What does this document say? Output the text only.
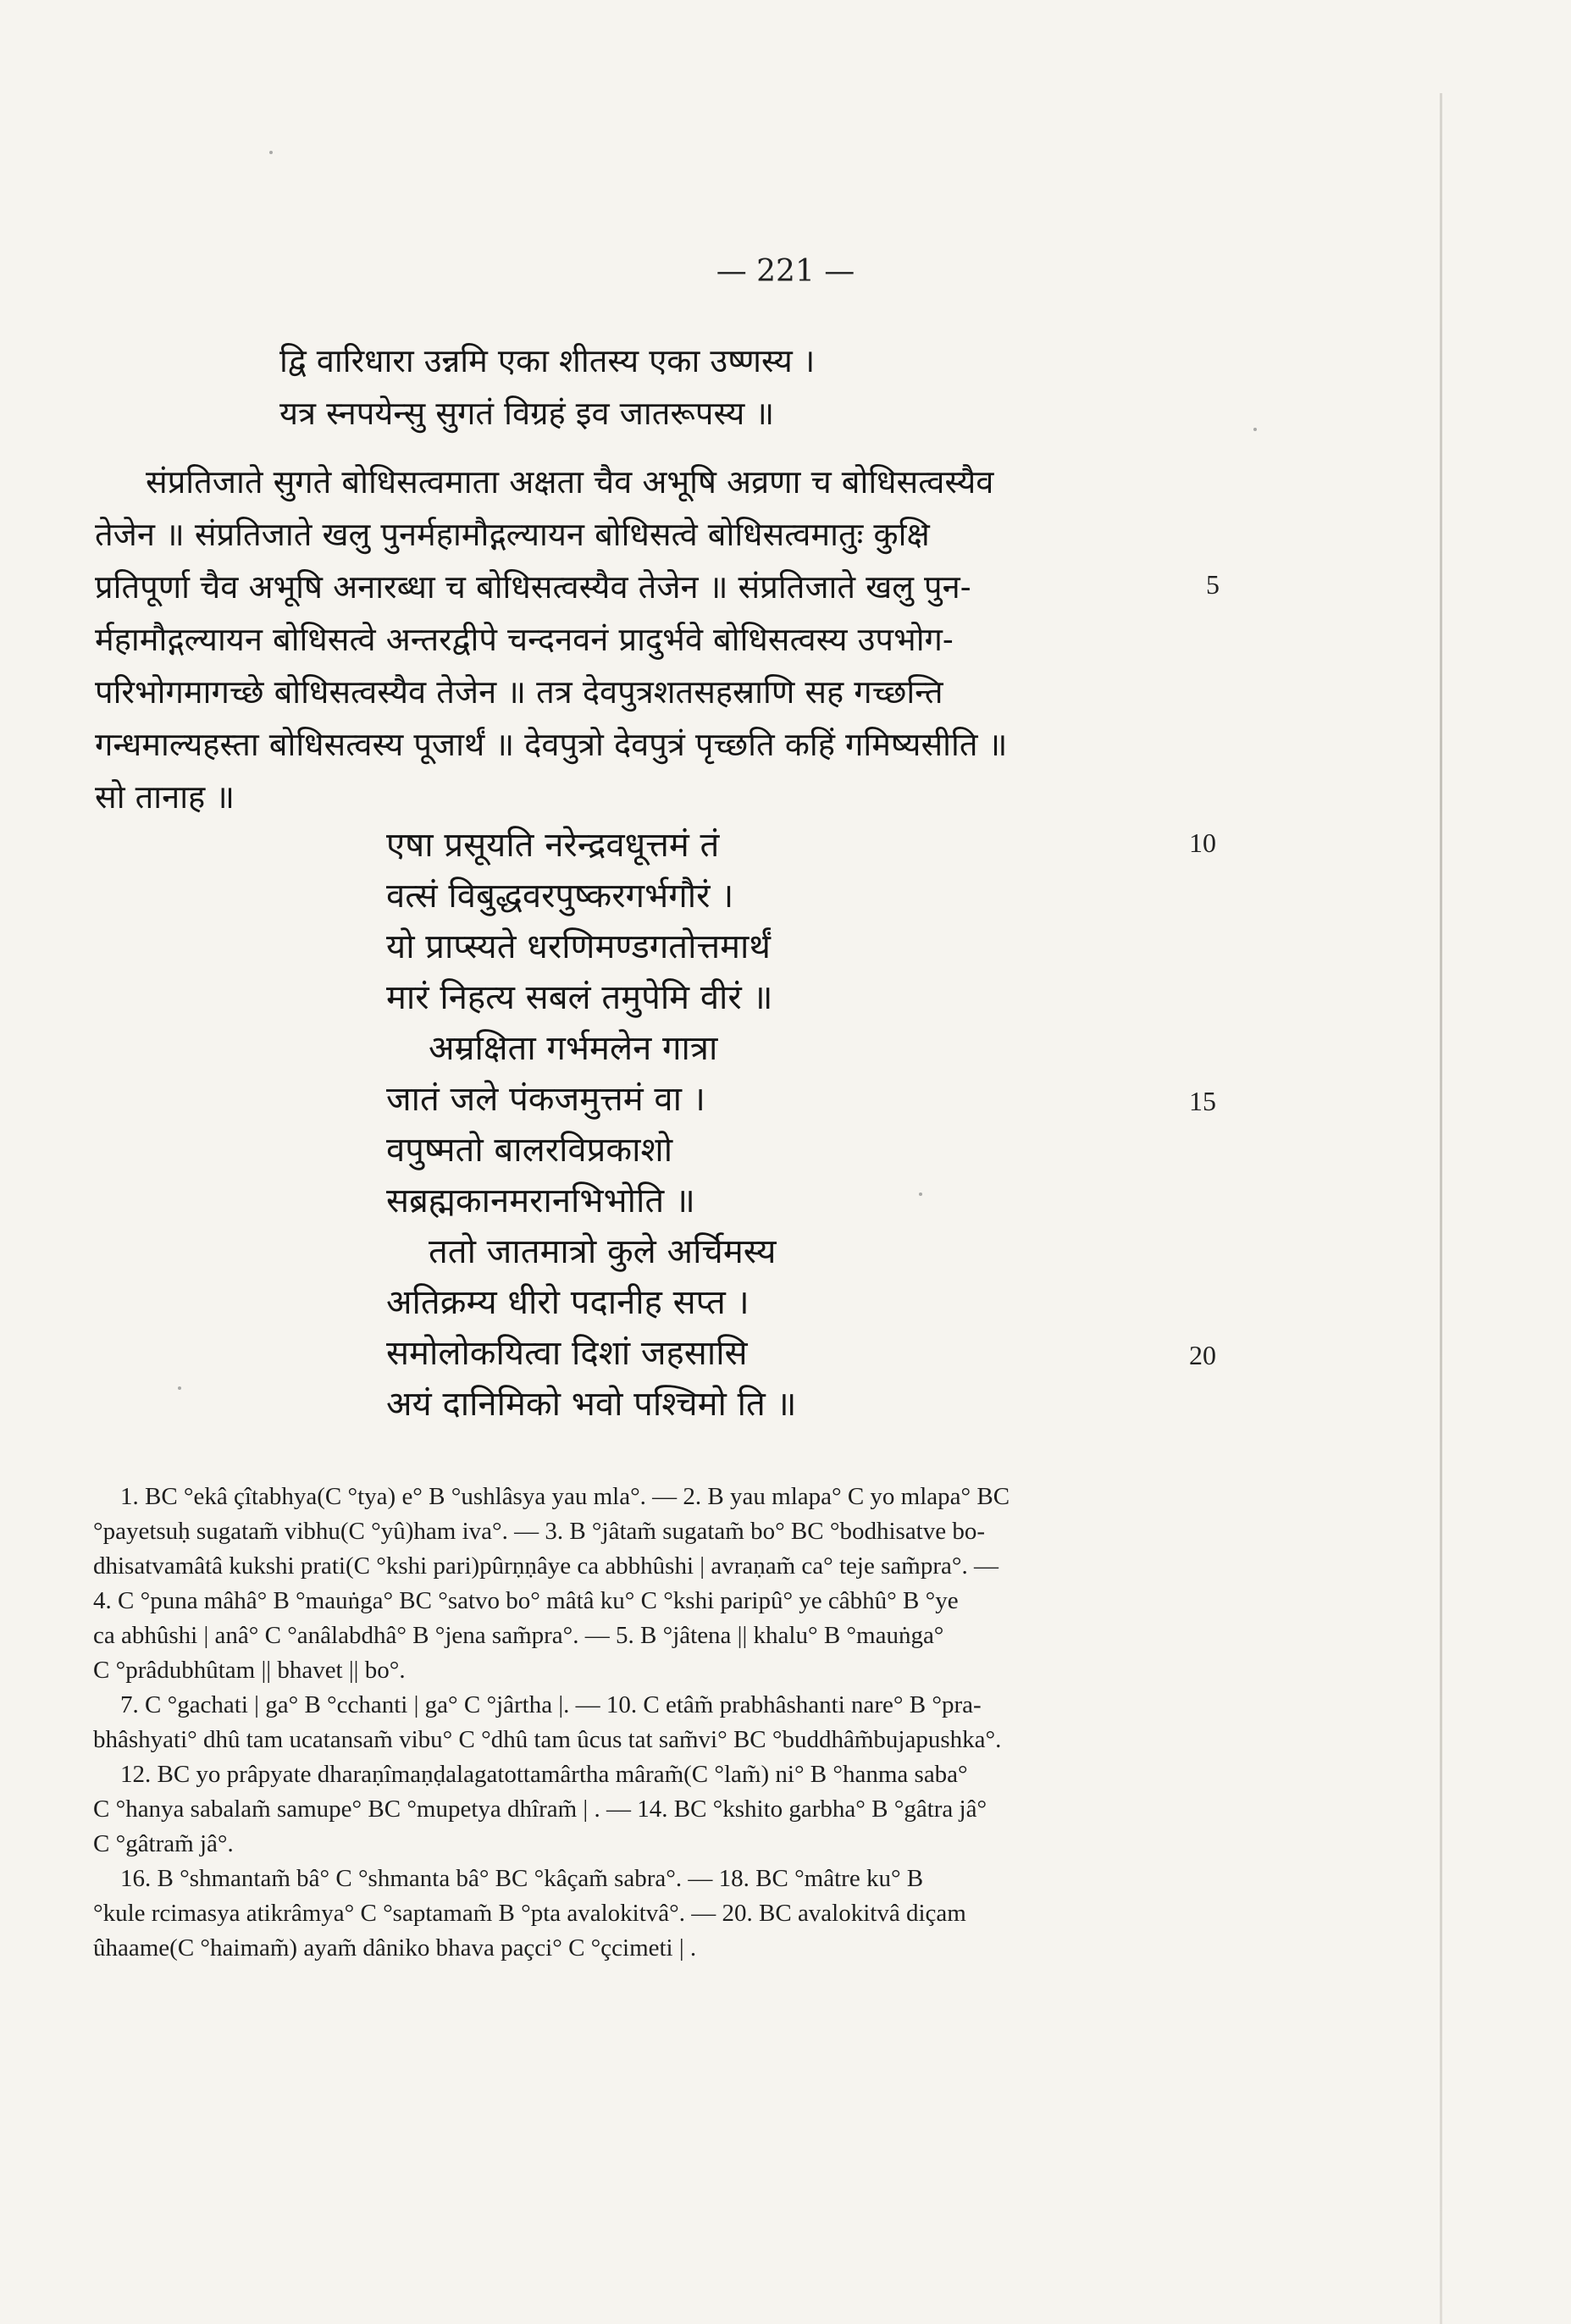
— 221 —
द्वि वारिधारा उन्नमि एका शीतस्य एका उष्णस्य ।
यत्र स्नपयेन्सु सुगतं विग्रहं इव जातरूपस्य ॥
संप्रतिजाते सुगते बोधिसत्वमाता अक्षता चैव अभूषि अव्रणा च बोधिसत्वस्यैव
तेजेन ॥ संप्रतिजाते खलु पुनर्महामौद्गल्यायन बोधिसत्वे बोधिसत्वमातुः कुक्षि
प्रतिपूर्णा चैव अभूषि अनारब्धा च बोधिसत्वस्यैव तेजेन ॥ संप्रतिजाते खलु पुन-
र्महामौद्गल्यायन बोधिसत्वे अन्तरद्वीपे चन्दनवनं प्रादुर्भवे बोधिसत्वस्य उपभोग-
परिभोगमागच्छे बोधिसत्वस्यैव तेजेन ॥ तत्र देवपुत्रशतसहस्राणि सह गच्छन्ति
गन्धमाल्यहस्ता बोधिसत्वस्य पूजार्थं ॥ देवपुत्रो देवपुत्रं पृच्छति कहिं गमिष्यसीति ॥
सो तानाह ॥
एषा प्रसूयति नरेन्द्रवधूत्तमं तं
वत्सं विबुद्धवरपुष्करगर्भगौरं ।
यो प्राप्स्यते धरणिमण्डगतोत्तमार्थं
मारं निहत्य सबलं तमुपेमि वीरं ॥
अम्रक्षिता गर्भमलेन गात्रा
जातं जले पंकजमुत्तमं वा ।
वपुष्मतो बालरविप्रकाशो
सब्रह्मकानमरानभिभोति ॥
ततो जातमात्रो कुले अर्चिमस्य
अतिक्रम्य धीरो पदानीह सप्त ।
समोलोकयित्वा दिशां जहसासि
अयं दानिमिको भवो पश्चिमो ति ॥
5
10
15
20
1. BC °ekâ çîtabhya(C °tya) e° B °ushlâsya yau mla°. — 2. B yau mlapa° C yo mlapa° BC
°payetsuḥ sugatam̃ vibhu(C °yû)ham iva°. — 3. B °jâtam̃ sugatam̃ bo° BC °bodhisatve bo-
dhisatvamâtâ kukshi prati(C °kshi pari)pûrṇṇâye ca abbhûshi | avraṇam̃ ca° teje sam̃pra°. —
4. C °puna mâhâ° B °mauṅga° BC °satvo bo° mâtâ ku° C °kshi paripû° ye câbhû° B °ye
ca abhûshi | anâ° C °anâlabdhâ° B °jena sam̃pra°. — 5. B °jâtena || khalu° B °mauṅga°
C °prâdubhûtam || bhavet || bo°.
7. C °gachati | ga° B °cchanti | ga° C °jârtha |. — 10. C etâm̃ prabhâshanti nare° B °pra-
bhâshyati° dhû tam ucatansam̃ vibu° C °dhû tam ûcus tat sam̃vi° BC °buddhâm̃bujapushka°.
12. BC yo prâpyate dharaṇîmaṇḍalagatottamârtha mâram̃(C °lam̃) ni° B °hanma saba°
C °hanya sabalam̃ samupe° BC °mupetya dhîram̃ | . — 14. BC °kshito garbha° B °gâtra jâ°
C °gâtram̃ jâ°.
16. B °shmantam̃ bâ° C °shmanta bâ° BC °kâçam̃ sabra°. — 18. BC °mâtre ku° B
°kule rcimasya atikrâmya° C °saptamam̃ B °pta avalokitvâ°. — 20. BC avalokitvâ diçam
ûhaame(C °haimam̃) ayam̃ dâniko bhava paçci° C °çcimeti | .
